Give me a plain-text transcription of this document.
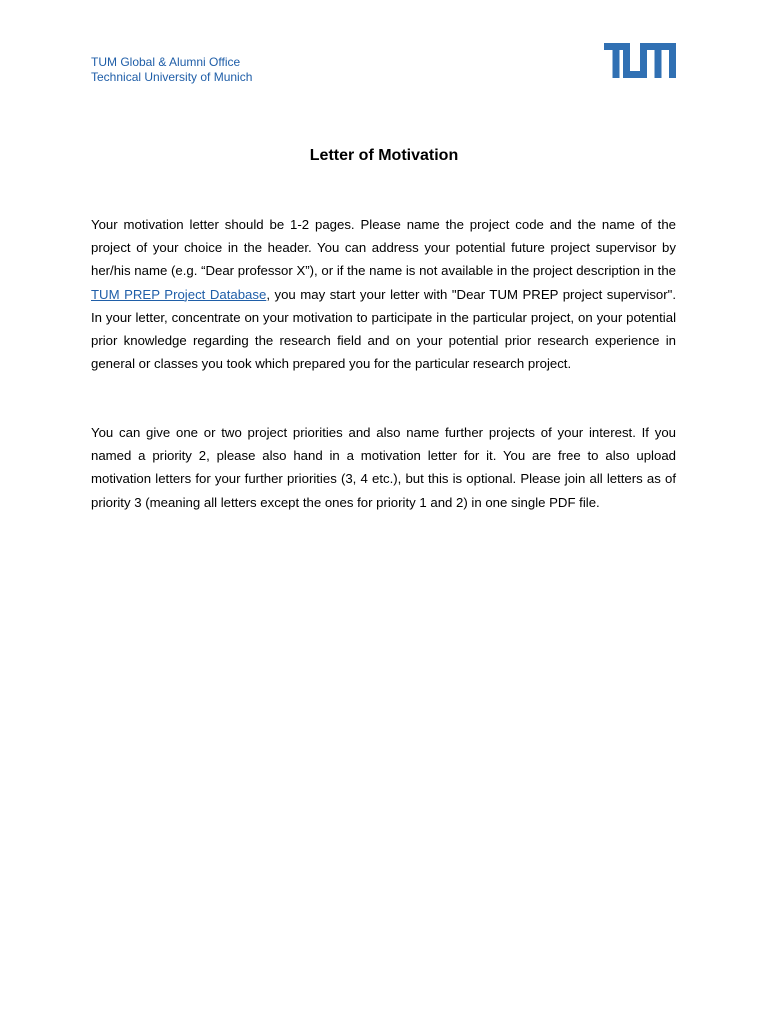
TUM Global & Alumni Office
Technical University of Munich
Letter of Motivation
Your motivation letter should be 1-2 pages. Please name the project code and the name of the project of your choice in the header. You can address your potential future project supervisor by her/his name (e.g. “Dear professor X”), or if the name is not available in the project description in the TUM PREP Project Database, you may start your letter with "Dear TUM PREP project supervisor". In your letter, concentrate on your motivation to participate in the particular project, on your potential prior knowledge regarding the research field and on your potential prior research experience in general or classes you took which prepared you for the particular research project.
You can give one or two project priorities and also name further projects of your interest. If you named a priority 2, please also hand in a motivation letter for it. You are free to also upload motivation letters for your further priorities (3, 4 etc.), but this is optional. Please join all letters as of priority 3 (meaning all letters except the ones for priority 1 and 2) in one single PDF file.
